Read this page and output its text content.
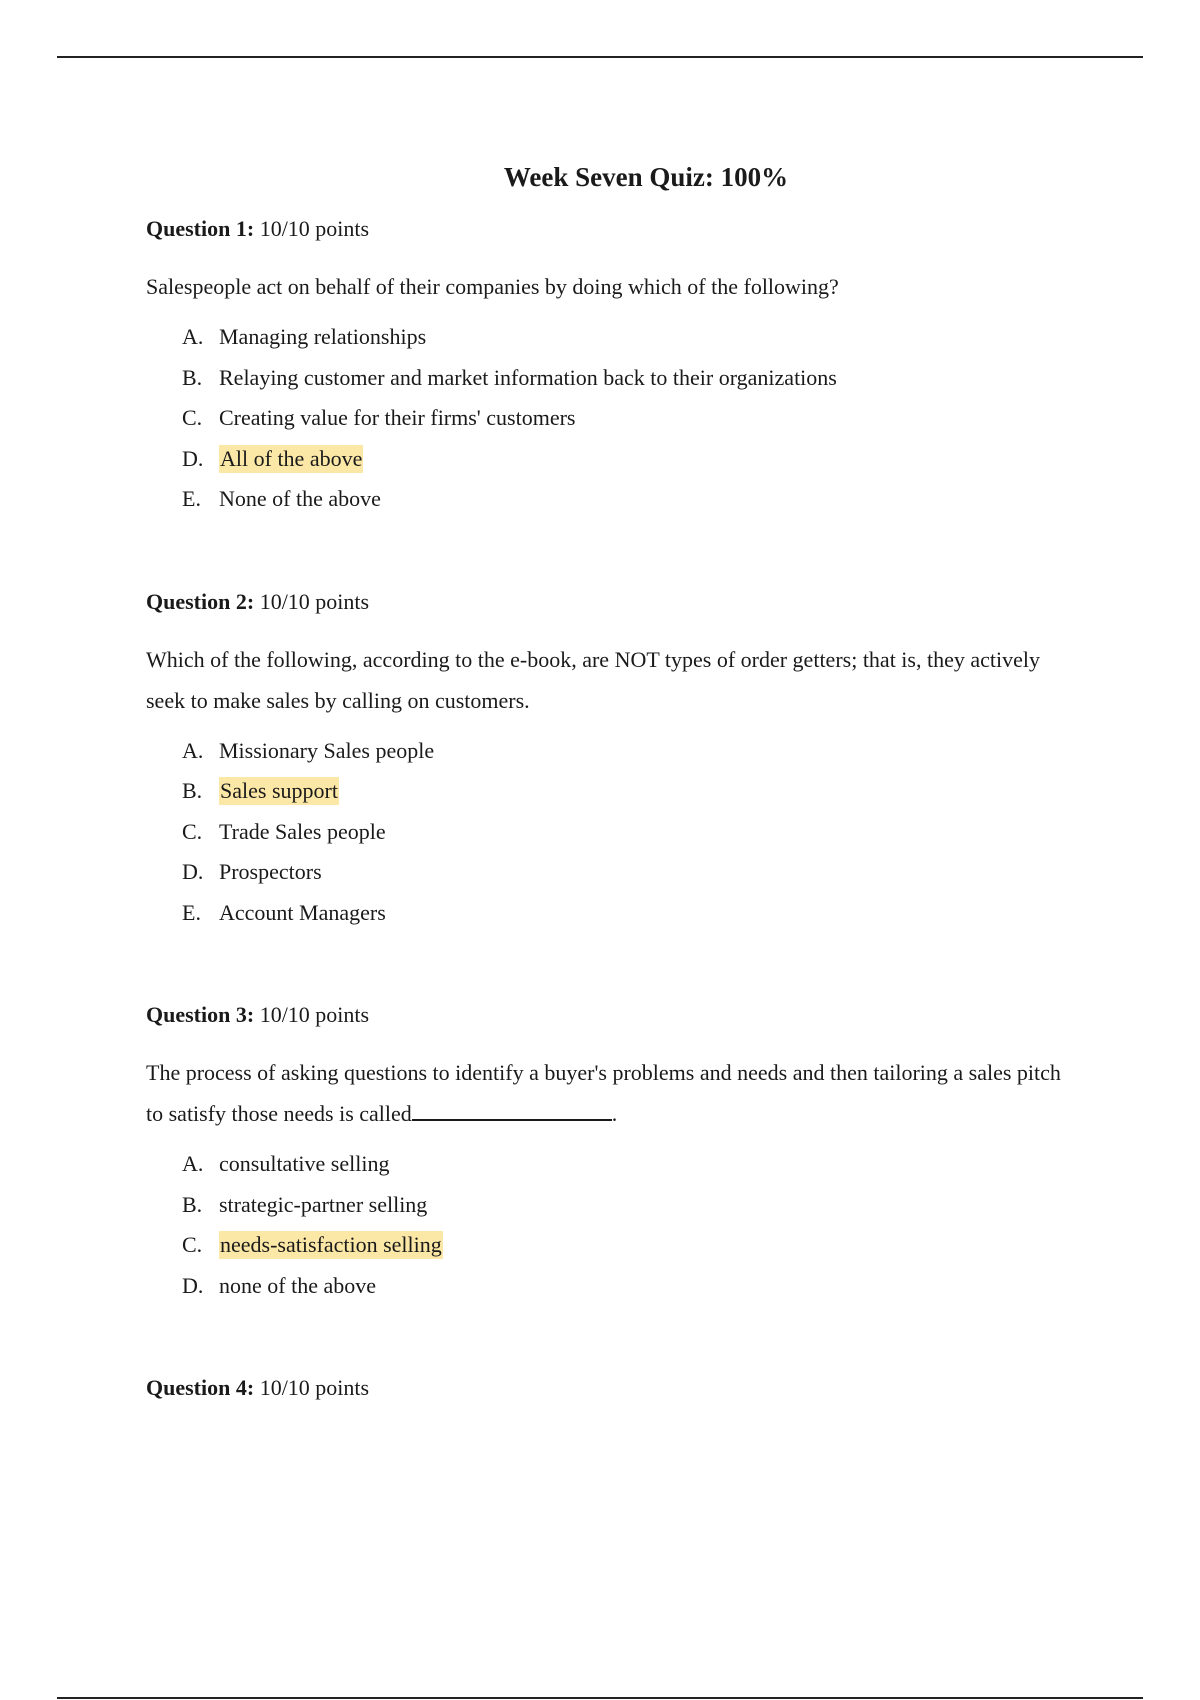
Week Seven Quiz: 100%
Question 1: 10/10 points
Salespeople act on behalf of their companies by doing which of the following?
A. Managing relationships
B. Relaying customer and market information back to their organizations
C. Creating value for their firms' customers
D. All of the above
E. None of the above
Question 2: 10/10 points
Which of the following, according to the e-book, are NOT types of order getters; that is, they actively seek to make sales by calling on customers.
A. Missionary Sales people
B. Sales support
C. Trade Sales people
D. Prospectors
E. Account Managers
Question 3: 10/10 points
The process of asking questions to identify a buyer's problems and needs and then tailoring a sales pitch to satisfy those needs is called	.
A. consultative selling
B. strategic-partner selling
C. needs-satisfaction selling
D. none of the above
Question 4: 10/10 points
